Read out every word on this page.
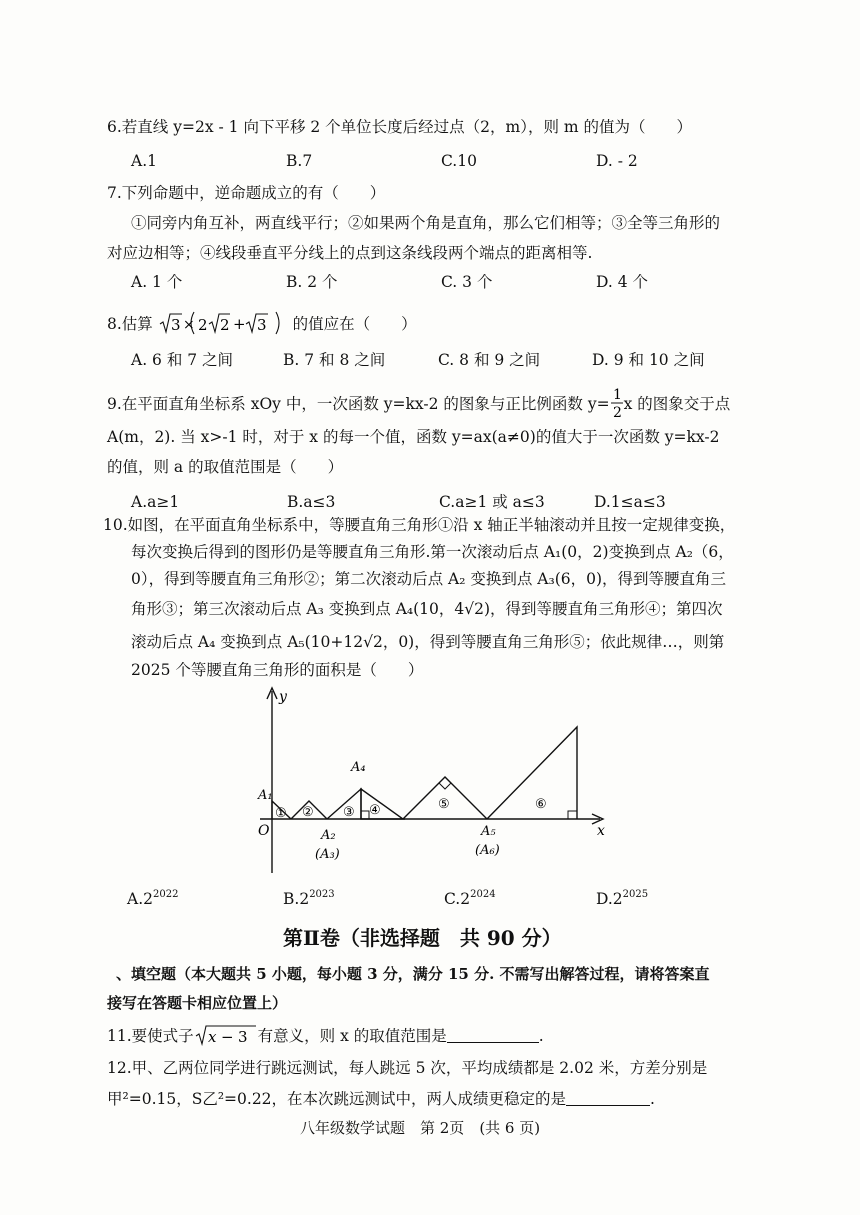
6.若直线 y=2x - 1 向下平移 2 个单位长度后经过点（2，m），则 m 的值为（　　）
A.1	B.7	C.10	D. - 2
7.下列命题中，逆命题成立的有（　　）
①同旁内角互补，两直线平行；②如果两个角是直角，那么它们相等；③全等三角形的
对应边相等；④线段垂直平分线上的点到这条线段两个端点的距离相等.
A. 1 个	B. 2 个	C. 3 个	D. 4 个
8.估算 3 × 2 2 + 3 的值应在（　　）
A. 6 和 7 之间	B. 7 和 8 之间	C. 8 和 9 之间	D. 9 和 10 之间
9.在平面直角坐标系 xOy 中，一次函数 y=kx-2 的图象与正比例函数 y= 1
2 x 的图象交于点
A(m，2). 当 x>-1 时，对于 x 的每一个值，函数 y=ax(a≠0)的值大于一次函数 y=kx-2
的值，则 a 的取值范围是（　　）
A.a≥1	B.a≤3	C.a≥1 或 a≤3	D.1≤a≤3
10.如图，在平面直角坐标系中，等腰直角三角形①沿 x 轴正半轴滚动并且按一定规律变换，
每次变换后得到的图形仍是等腰直角三角形.第一次滚动后点 A₁(0，2)变换到点 A₂（6，
0），得到等腰直角三角形②；第二次滚动后点 A₂ 变换到点 A₃(6，0)，得到等腰直角三
角形③；第三次滚动后点 A₃ 变换到点 A₄(10，4√2)，得到等腰直角三角形④；第四次
滚动后点 A₄ 变换到点 A₅(10+12√2，0)，得到等腰直角三角形⑤；依此规律…，则第
2025 个等腰直角三角形的面积是（　　）
A₁
A₄
A₂
(A₃)
A₅
(A₆)
O
y
x
① ② ③ ④	⑤	⑥
$A.2^{2022}$	$B.2^{2023}$	$C.2^{2024}$	$D.2^{2025}$
第Ⅱ卷（非选择题　共 90 分）
、填空题（本大题共 5 小题，每小题 3 分，满分 15 分. 不需写出解答过程，请将答案直
接写在答题卡相应位置上）
11.要使式子 x − 3 有意义，则 x 的取值范围是	.
12.甲、乙两位同学进行跳远测试，每人跳远 5 次，平均成绩都是 2.02 米，方差分别是
甲²=0.15，S乙²=0.22，在本次跳远测试中，两人成绩更稳定的是	.
八年级数学试题　第 2页　(共 6 页)
